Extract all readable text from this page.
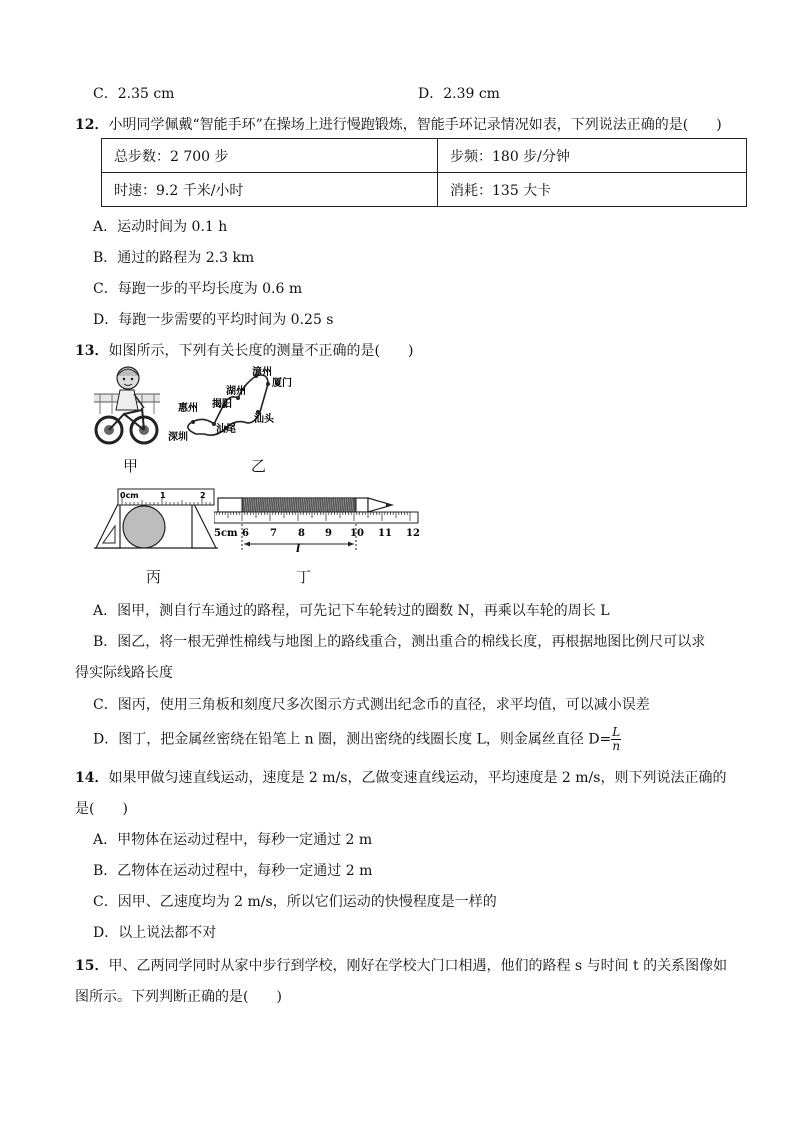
C．2.35 cm	D．2.39 cm
12．小明同学佩戴“智能手环”在操场上进行慢跑锻炼，智能手环记录情况如表，下列说法正确的是(　　)
总步数：2 700 步	步频：180 步/分钟
时速：9.2 千米/小时	消耗：135 大卡
A．运动时间为 0.1 h
B．通过的路程为 2.3 km
C．每跑一步的平均长度为 0.6 m
D．每跑一步需要的平均时间为 0.25 s
13．如图所示，下列有关长度的测量不正确的是(　　)
漳州
厦门
湖州
揭阳
惠州
汕头
汕尾
深圳
甲	乙
0cm	1	2
5cm 6 7 8 9 10 11 12
l
丙	丁
A．图甲，测自行车通过的路程，可先记下车轮转过的圈数 N，再乘以车轮的周长 L
B．图乙，将一根无弹性棉线与地图上的路线重合，测出重合的棉线长度，再根据地图比例尺可以求
得实际线路长度
C．图丙，使用三角板和刻度尺多次图示方式测出纪念币的直径，求平均值，可以减小误差
D．图丁，把金属丝密绕在铅笔上 n 圈，测出密绕的线圈长度 L，则金属丝直径 $D= \frac{L}{n}$
14．如果甲做匀速直线运动，速度是 2 m/s，乙做变速直线运动，平均速度是 2 m/s，则下列说法正确的
是(　　)
A．甲物体在运动过程中，每秒一定通过 2 m
B．乙物体在运动过程中，每秒一定通过 2 m
C．因甲、乙速度均为 2 m/s，所以它们运动的快慢程度是一样的
D．以上说法都不对
15．甲、乙两同学同时从家中步行到学校，刚好在学校大门口相遇，他们的路程 s 与时间 t 的关系图像如
图所示。下列判断正确的是(　　)
